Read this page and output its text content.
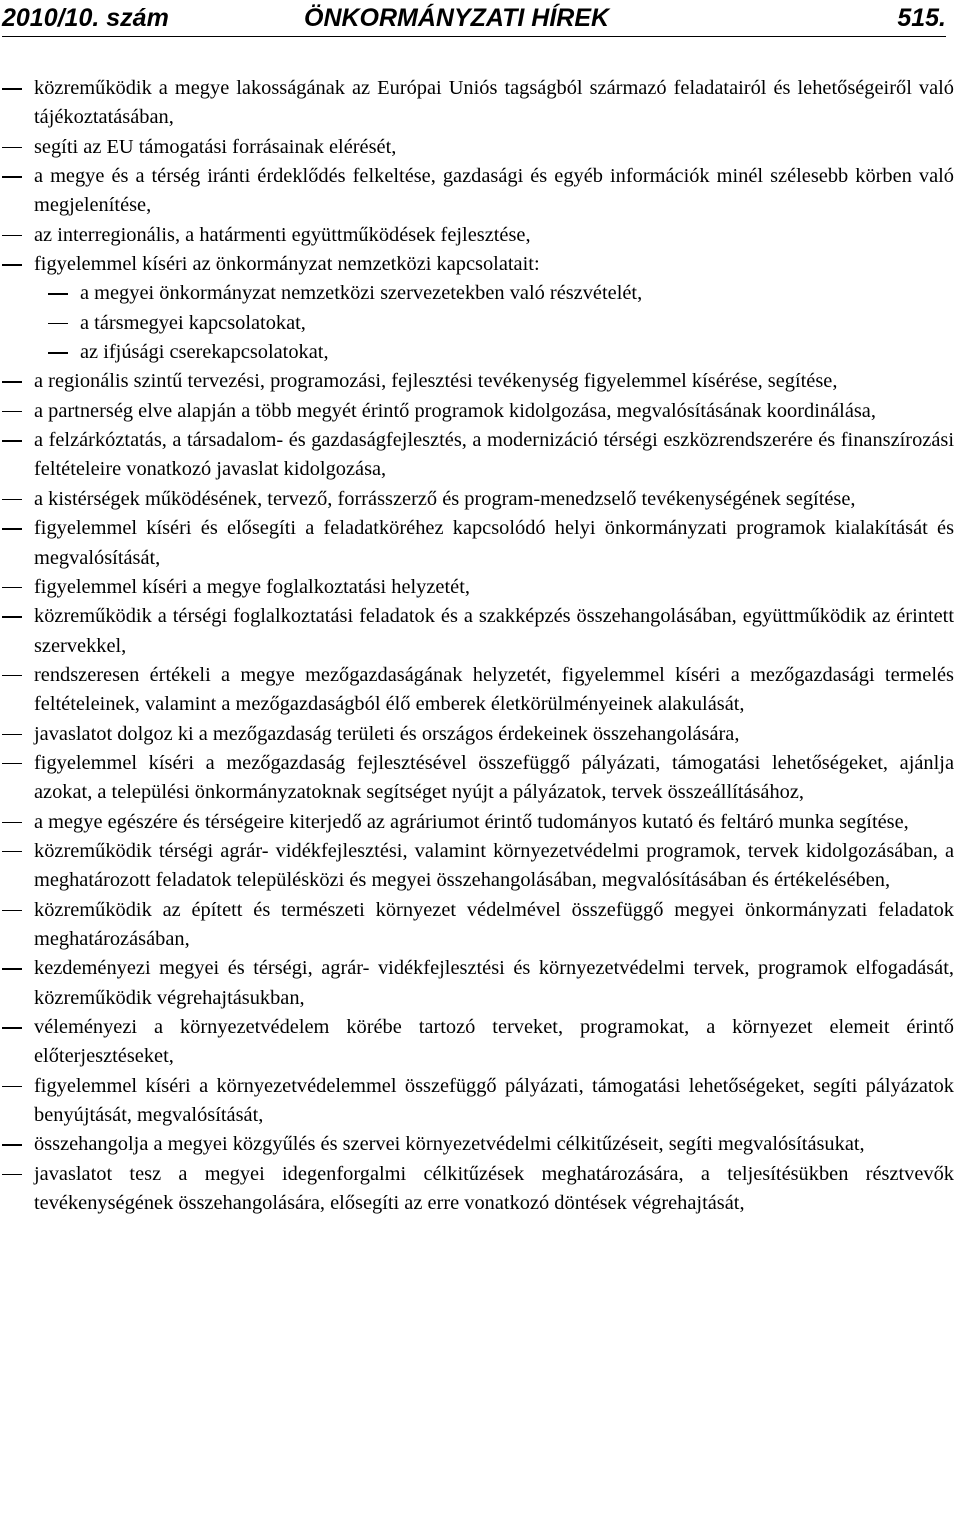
2010/10. szám	ÖNKORMÁNYZATI HÍREK	515.
közreműködik a megye lakosságának az Európai Uniós tagságból származó feladatairól és lehetőségeiről való tájékoztatásában,
segíti az EU támogatási forrásainak elérését,
a megye és a térség iránti érdeklődés felkeltése, gazdasági és egyéb információk minél szélesebb körben való megjelenítése,
az interregionális, a határmenti együttműködések fejlesztése,
figyelemmel kíséri az önkormányzat nemzetközi kapcsolatait:
a megyei önkormányzat nemzetközi szervezetekben való részvételét,
a társmegyei kapcsolatokat,
az ifjúsági cserekapcsolatokat,
a regionális szintű tervezési, programozási, fejlesztési tevékenység figyelemmel kísérése, segítése,
a partnerség elve alapján a több megyét érintő programok kidolgozása, megvalósításának koordinálása,
a felzárkóztatás, a társadalom- és gazdaságfejlesztés, a modernizáció térségi eszközrendszerére és finanszírozási feltételeire vonatkozó javaslat kidolgozása,
a kistérségek működésének, tervező, forrásszerző és program-menedzselő tevékenységének segítése,
figyelemmel kíséri és elősegíti a feladatköréhez kapcsolódó helyi önkormányzati programok kialakítását és megvalósítását,
figyelemmel kíséri a megye foglalkoztatási helyzetét,
közreműködik a térségi foglalkoztatási feladatok és a szakképzés összehangolásában, együttműködik az érintett szervekkel,
rendszeresen értékeli a megye mezőgazdaságának helyzetét, figyelemmel kíséri a mezőgazdasági termelés feltételeinek, valamint a mezőgazdaságból élő emberek életkörülményeinek alakulását,
javaslatot dolgoz ki a mezőgazdaság területi és országos érdekeinek összehangolására,
figyelemmel kíséri a mezőgazdaság fejlesztésével összefüggő pályázati, támogatási lehetőségeket, ajánlja azokat, a települési önkormányzatoknak segítséget nyújt a pályázatok, tervek összeállításához,
a megye egészére és térségeire kiterjedő az agráriumot érintő tudományos kutató és feltáró munka segítése,
közreműködik térségi agrár- vidékfejlesztési, valamint környezetvédelmi programok, tervek kidolgozásában, a meghatározott feladatok településközi és megyei összehangolásában, megvalósításában és értékelésében,
közreműködik az épített és természeti környezet védelmével összefüggő megyei önkormányzati feladatok meghatározásában,
kezdeményezi megyei és térségi, agrár- vidékfejlesztési és környezetvédelmi tervek, programok elfogadását, közreműködik végrehajtásukban,
véleményezi a környezetvédelem körébe tartozó terveket, programokat, a környezet elemeit érintő előterjesztéseket,
figyelemmel kíséri a környezetvédelemmel összefüggő pályázati, támogatási lehetőségeket, segíti pályázatok benyújtását, megvalósítását,
összehangolja a megyei közgyűlés és szervei környezetvédelmi célkitűzéseit, segíti megvalósításukat,
javaslatot tesz a megyei idegenforgalmi célkitűzések meghatározására, a teljesítésükben résztvevők tevékenységének összehangolására, elősegíti az erre vonatkozó döntések végrehajtását,
